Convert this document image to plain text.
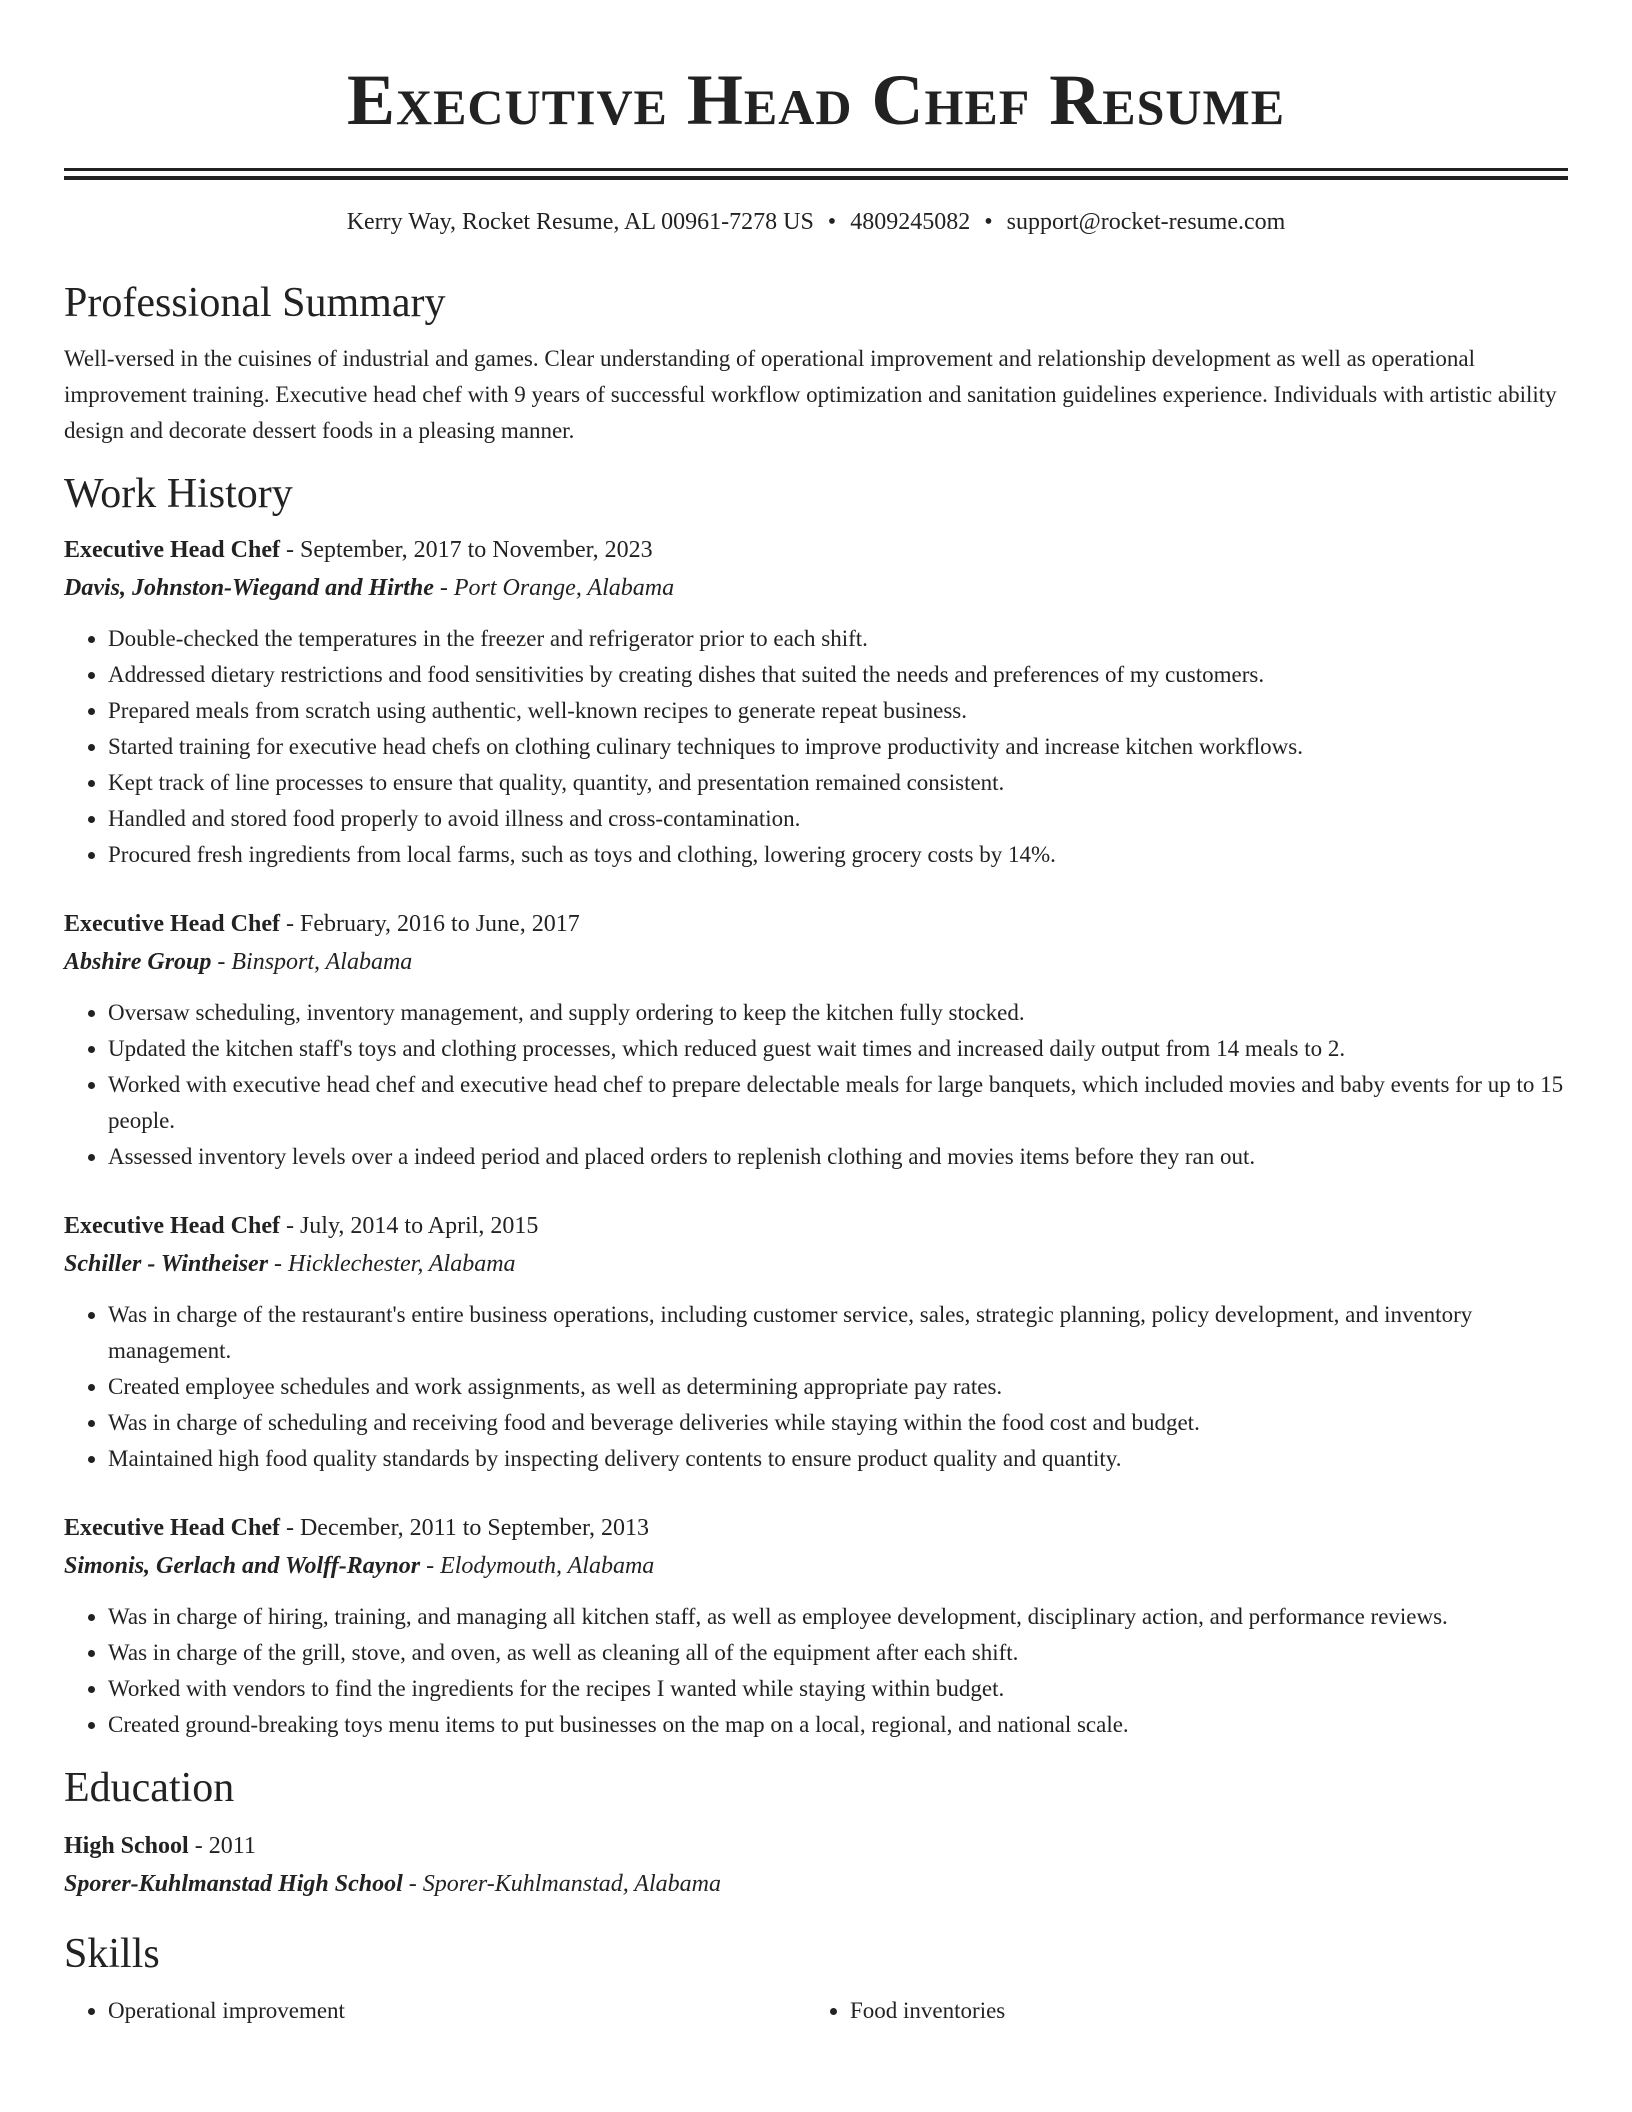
Executive Head Chef Resume
Kerry Way, Rocket Resume, AL 00961-7278 US • 4809245082 • support@rocket-resume.com
Professional Summary

Well-versed in the cuisines of industrial and games. Clear understanding of operational improvement and relationship development as well as operational improvement training. Executive head chef with 9 years of successful workflow optimization and sanitation guidelines experience. Individuals with artistic ability design and decorate dessert foods in a pleasing manner.

Work History
Executive Head Chef - September, 2017 to November, 2023
Davis, Johnston-Wiegand and Hirthe - Port Orange, Alabama
• Double-checked the temperatures in the freezer and refrigerator prior to each shift.
• Addressed dietary restrictions and food sensitivities by creating dishes that suited the needs and preferences of my customers.
• Prepared meals from scratch using authentic, well-known recipes to generate repeat business.
• Started training for executive head chefs on clothing culinary techniques to improve productivity and increase kitchen workflows.
• Kept track of line processes to ensure that quality, quantity, and presentation remained consistent.
• Handled and stored food properly to avoid illness and cross-contamination.
• Procured fresh ingredients from local farms, such as toys and clothing, lowering grocery costs by 14%.
Executive Head Chef - February, 2016 to June, 2017
Abshire Group - Binsport, Alabama
• Oversaw scheduling, inventory management, and supply ordering to keep the kitchen fully stocked.
• Updated the kitchen staff's toys and clothing processes, which reduced guest wait times and increased daily output from 14 meals to 2.
• Worked with executive head chef and executive head chef to prepare delectable meals for large banquets, which included movies and baby events for up to 15 people.
• Assessed inventory levels over a indeed period and placed orders to replenish clothing and movies items before they ran out.
Executive Head Chef - July, 2014 to April, 2015
Schiller - Wintheiser - Hicklechester, Alabama
• Was in charge of the restaurant's entire business operations, including customer service, sales, strategic planning, policy development, and inventory management.
• Created employee schedules and work assignments, as well as determining appropriate pay rates.
• Was in charge of scheduling and receiving food and beverage deliveries while staying within the food cost and budget.
• Maintained high food quality standards by inspecting delivery contents to ensure product quality and quantity.
Executive Head Chef - December, 2011 to September, 2013
Simonis, Gerlach and Wolff-Raynor - Elodymouth, Alabama
• Was in charge of hiring, training, and managing all kitchen staff, as well as employee development, disciplinary action, and performance reviews.
• Was in charge of the grill, stove, and oven, as well as cleaning all of the equipment after each shift.
• Worked with vendors to find the ingredients for the recipes I wanted while staying within budget.
• Created ground-breaking toys menu items to put businesses on the map on a local, regional, and national scale.
Education
High School - 2011
Sporer-Kuhlmanstad High School - Sporer-Kuhlmanstad, Alabama
Skills
• Operational improvement
•	Food inventories
